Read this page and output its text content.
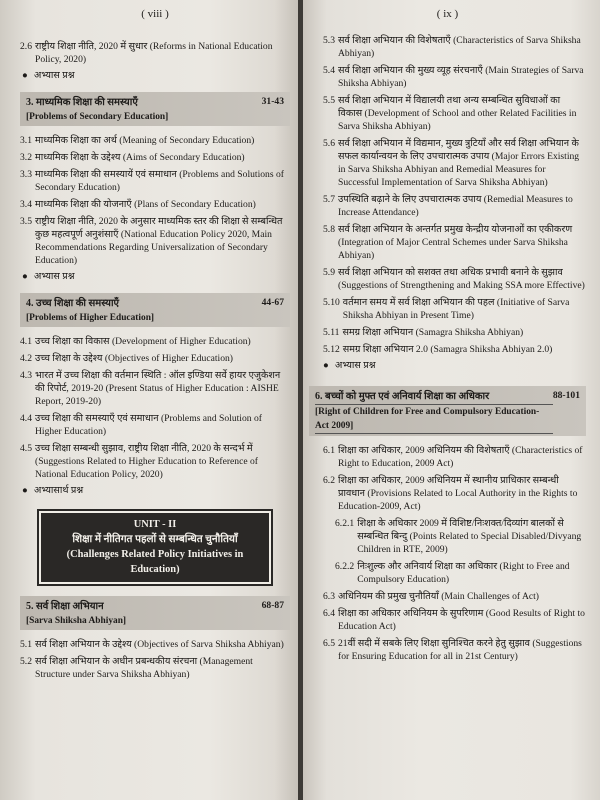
( viii )
2.6 राष्ट्रीय शिक्षा नीति, 2020 में सुधार (Reforms in National Education Policy, 2020)
● अभ्यास प्रश्न
3. माध्यमिक शिक्षा की समस्याएँ
[Problems of Secondary Education]
31-43
3.1 माध्यमिक शिक्षा का अर्थ (Meaning of Secondary Education)
3.2 माध्यमिक शिक्षा के उद्देश्य (Aims of Secondary Education)
3.3 माध्यमिक शिक्षा की समस्यायें एवं समाधान (Problems and Solutions of Secondary Education)
3.4 माध्यमिक शिक्षा की योजनाएँ (Plans of Secondary Education)
3.5 राष्ट्रीय शिक्षा नीति, 2020 के अनुसार माध्यमिक स्तर की शिक्षा से सम्बन्धित कुछ महत्वपूर्ण अनुशंसाएँ (National Education Policy 2020, Main Recommendations Regarding Universalization of Secondary Education)
● अभ्यास प्रश्न
4. उच्च शिक्षा की समस्याएँ
[Problems of Higher Education]
44-67
4.1 उच्च शिक्षा का विकास (Development of Higher Education)
4.2 उच्च शिक्षा के उद्देश्य (Objectives of Higher Education)
4.3 भारत में उच्च शिक्षा की वर्तमान स्थिति : ऑल इण्डिया सर्वे हायर एजुकेशन की रिपोर्ट, 2019-20 (Present Status of Higher Education : AISHE Report, 2019-20)
4.4 उच्च शिक्षा की समस्याएँ एवं समाधान (Problems and Solution of Higher Education)
4.5 उच्च शिक्षा सम्बन्धी सुझाव, राष्ट्रीय शिक्षा नीति, 2020 के सन्दर्भ में (Suggestions Related to Higher Education to Reference of National Education Policy, 2020)
● अभ्यासार्थ प्रश्न
UNIT - II
शिक्षा में नीतिगत पहलों से सम्बन्धित चुनौतियाँ
(Challenges Related Policy Initiatives in Education)
5. सर्व शिक्षा अभियान
[Sarva Shiksha Abhiyan]
68-87
5.1 सर्व शिक्षा अभियान के उद्देश्य (Objectives of Sarva Shiksha Abhiyan)
5.2 सर्व शिक्षा अभियान के अधीन प्रबन्धकीय संरचना (Management Structure under Sarva Shiksha Abhiyan)
( ix )
5.3 सर्व शिक्षा अभियान की विशेषताएँ (Characteristics of Sarva Shiksha Abhiyan)
5.4 सर्व शिक्षा अभियान की मुख्य व्यूह संरचनाएँ (Main Strategies of Sarva Shiksha Abhiyan)
5.5 सर्व शिक्षा अभियान में विद्यालयी तथा अन्य सम्बन्धित सुविधाओं का विकास (Development of School and other Related Facilities in Sarva Shiksha Abhiyan)
5.6 सर्व शिक्षा अभियान में विद्यमान, मुख्य त्रुटियाँ और सर्व शिक्षा अभियान के सफल कार्यान्वयन के लिए उपचारात्मक उपाय (Major Errors Existing in Sarva Shiksha Abhiyan and Remedial Measures for Successful Implementation of Sarva Shiksha Abhiyan)
5.7 उपस्थिति बढ़ाने के लिए उपचारात्मक उपाय (Remedial Measures to Increase Attendance)
5.8 सर्व शिक्षा अभियान के अन्तर्गत प्रमुख केन्द्रीय योजनाओं का एकीकरण (Integration of Major Central Schemes under Sarva Shiksha Abhiyan)
5.9 सर्व शिक्षा अभियान को सशक्त तथा अधिक प्रभावी बनाने के सुझाव (Suggestions of Strengthening and Making SSA more Effective)
5.10 वर्तमान समय में सर्व शिक्षा अभियान की पहल (Initiative of Sarva Shiksha Abhiyan in Present Time)
5.11 समग्र शिक्षा अभियान (Samagra Shiksha Abhiyan)
5.12 समग्र शिक्षा अभियान 2.0 (Samagra Shiksha Abhiyan 2.0)
● अभ्यास प्रश्न
6. बच्चों को मुफ्त एवं अनिवार्य शिक्षा का अधिकार
[Right of Children for Free and Compulsory Education-Act 2009]
88-101
6.1 शिक्षा का अधिकार, 2009 अधिनियम की विशेषताएँ (Characteristics of Right to Education, 2009 Act)
6.2 शिक्षा का अधिकार, 2009 अधिनियम में स्थानीय प्राधिकार सम्बन्धी प्रावधान (Provisions Related to Local Authority in the Rights to Education-2009, Act)
6.2.1 शिक्षा के अधिकार 2009 में विशिष्ट/निःशक्त/दिव्यांग बालकों से सम्बन्धित बिन्दु (Points Related to Special Disabled/Divyang Children in RTE, 2009)
6.2.2 निःशुल्क और अनिवार्य शिक्षा का अधिकार (Right to Free and Compulsory Education)
6.3 अधिनियम की प्रमुख चुनौतियाँ (Main Challenges of Act)
6.4 शिक्षा का अधिकार अधिनियम के सुपरिणाम (Good Results of Right to Education Act)
6.5 21वीं सदी में सबके लिए शिक्षा सुनिश्चित करने हेतु सुझाव (Suggestions for Ensuring Education for all in 21st Century)
